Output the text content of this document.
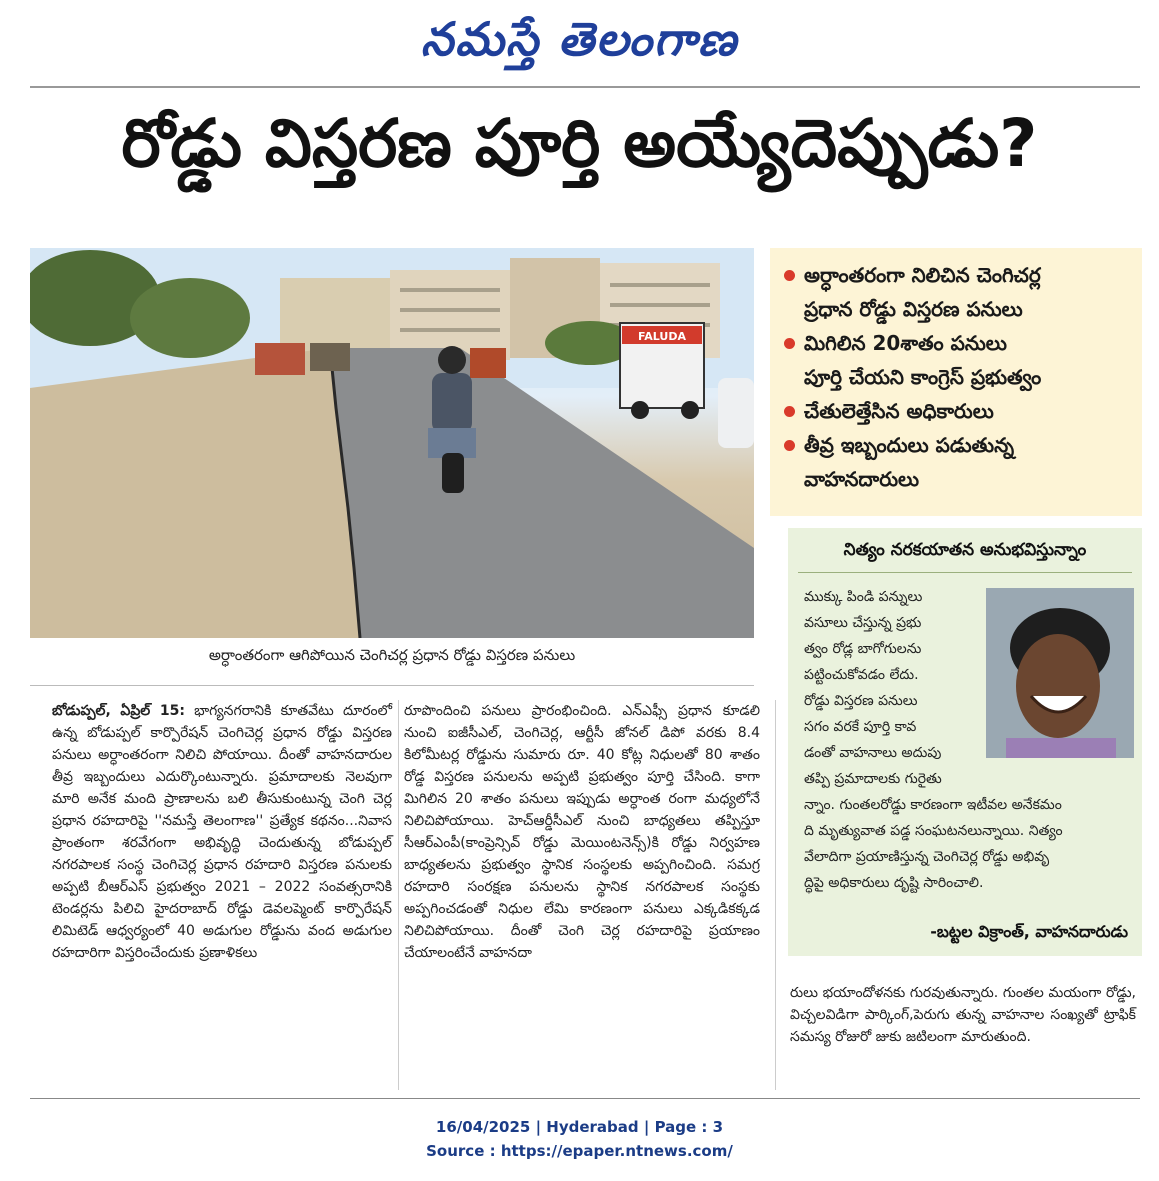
నమస్తే తెలంగాణ
రోడ్డు విస్తరణ పూర్తి అయ్యేదెప్పుడు?
FALUDA
అర్ధాంతరంగా ఆగిపోయిన చెంగిచర్ల ప్రధాన రోడ్డు విస్తరణ పనులు
అర్ధాంతరంగా నిలిచిన చెంగిచర్ల
ప్రధాన రోడ్డు విస్తరణ పనులు
మిగిలిన 20శాతం పనులు
పూర్తి చేయని కాంగ్రెస్ ప్రభుత్వం
చేతులెత్తేసిన అధికారులు
తీవ్ర ఇబ్బందులు పడుతున్న
వాహనదారులు
నిత్యం నరకయాతన అనుభవిస్తున్నాం
ముక్కు పిండి పన్నులు
వసూలు చేస్తున్న ప్రభు
త్వం రోడ్ల బాగోగులను
పట్టించుకోవడం లేదు.
రోడ్డు విస్తరణ పనులు
సగం వరకే పూర్తి కావ
డంతో వాహనాలు అదుపు
తప్పి ప్రమాదాలకు గురైతు
న్నాం. గుంతలరోడ్డు కారణంగా ఇటీవల అనేకమం
ది మృత్యువాత పడ్డ సంఘటనలున్నాయి. నిత్యం
వేలాదిగా ప్రయాణిస్తున్న చెంగిచెర్ల రోడ్డు అభివృ
ద్ధిపై అధికారులు దృష్టి సారించాలి.
-బట్టల విక్రాంత్, వాహనదారుడు
బోడుప్పల్, ఏప్రిల్ 15: భాగ్యనగరానికి కూతవేటు దూరంలో ఉన్న బోడుప్పల్ కార్పొరేషన్ చెంగిచెర్ల ప్రధాన రోడ్డు విస్తరణ పనులు అర్ధాంతరంగా నిలిచి పోయాయి. దీంతో వాహనదారుల తీవ్ర ఇబ్బందులు ఎదుర్కొంటున్నారు. ప్రమాదాలకు నెలవుగా మారి అనేక మంది ప్రాణాలను బలి తీసుకుంటున్న చెంగి చెర్ల ప్రధాన రహదారిపై ''నమస్తే తెలంగాణ'' ప్రత్యేక కథనం...నివాస ప్రాంతంగా శరవేగంగా అభివృద్ధి చెందుతున్న బోడుప్పల్ నగరపాలక సంస్థ చెంగిచెర్ల ప్రధాన రహదారి విస్తరణ పనులకు అప్పటి బీఆర్ఎస్ ప్రభుత్వం 2021 – 2022 సంవత్సరానికి టెండర్లను పిలిచి హైదరాబాద్ రోడ్డు డెవలప్మెంట్ కార్పొరేషన్ లిమిటెడ్ ఆధ్వర్యంలో 40 అడుగుల రోడ్డును వంద అడుగుల రహదారిగా విస్తరించేందుకు ప్రణాళికలు
రూపొందించి పనులు ప్రారంభించింది. ఎన్ఎఫ్సీ ప్రధాన కూడలి నుంచి ఐజీసీఎల్, చెంగిచెర్ల, ఆర్టీసీ జోనల్ డిపో వరకు 8.4 కిలోమీటర్ల రోడ్డును సుమారు రూ. 40 కోట్ల నిధులతో 80 శాతం రోడ్డ విస్తరణ పనులను అప్పటి ప్రభుత్వం పూర్తి చేసింది. కాగా మిగిలిన 20 శాతం పనులు ఇప్పుడు అర్ధాంత రంగా మధ్యలోనే నిలిచిపోయాయి. హెచ్ఆర్డీసీఎల్ నుంచి బాధ్యతలు తప్పిస్తూ సీఆర్ఎంపీ(కాంప్రెన్సివ్ రోడ్డు మెయింటనెన్స్)కి రోడ్డు నిర్వహణ బాధ్యతలను ప్రభుత్వం స్థానిక సంస్థలకు అప్పగించింది. సమగ్ర రహదారి సంరక్షణ పనులను స్థానిక నగరపాలక సంస్థకు అప్పగించడంతో నిధుల లేమి కారణంగా పనులు ఎక్కడికక్కడ నిలిచిపోయాయి. దీంతో చెంగి చెర్ల రహదారిపై ప్రయాణం చేయాలంటేనే వాహనదా
రులు భయాందోళనకు గురవుతున్నారు. గుంతల మయంగా రోడ్డు, విచ్చలవిడిగా పార్కింగ్,పెరుగు తున్న వాహనాల సంఖ్యతో ట్రాఫిక్ సమస్య రోజురో జుకు జటిలంగా మారుతుంది.
16/04/2025 | Hyderabad | Page : 3
Source : https://epaper.ntnews.com/
